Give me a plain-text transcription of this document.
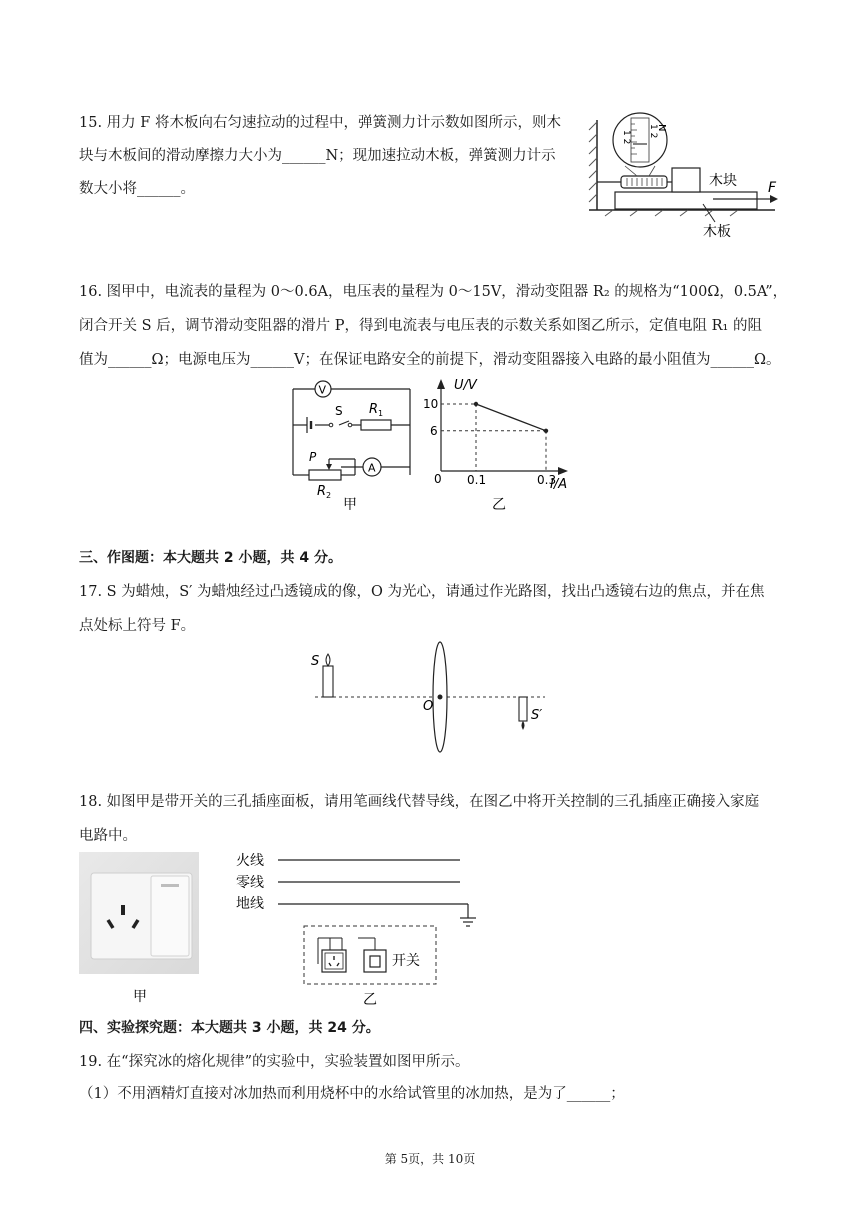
15. 用力 F 将木板向右匀速拉动的过程中，弹簧测力计示数如图所示，则木
块与木板间的滑动摩擦力大小为______N；现加速拉动木板，弹簧测力计示
数大小将______。
1 2 1 2
N
木块 F
木板
16. 图甲中，电流表的量程为 0～0.6A，电压表的量程为 0～15V，滑动变阻器 R₂ 的规格为“100Ω，0.5A”，
闭合开关 S 后，调节滑动变阻器的滑片 P，得到电流表与电压表的示数关系如图乙所示，定值电阻 R₁ 的阻
值为______Ω；电源电压为______V；在保证电路安全的前提下，滑动变阻器接入电路的最小阻值为______Ω。
V
S $R_1$
P
$R_2$
A
甲
U/V
I/A
0
乙
0.1	0.3
10
6
三、作图题：本大题共 2 小题，共 4 分。
17. S 为蜡烛，S′ 为蜡烛经过凸透镜成的像，O 为光心，请通过作光路图，找出凸透镜右边的焦点，并在焦
点处标上符号 F。
S
O
S′
18. 如图甲是带开关的三孔插座面板，请用笔画线代替导线，在图乙中将开关控制的三孔插座正确接入家庭
电路中。
甲
火线
零线
地线
开关
乙
四、实验探究题：本大题共 3 小题，共 24 分。
19. 在“探究冰的熔化规律”的实验中，实验装置如图甲所示。
（1）不用酒精灯直接对冰加热而利用烧杯中的水给试管里的冰加热，是为了______；
第 5页，共 10页
